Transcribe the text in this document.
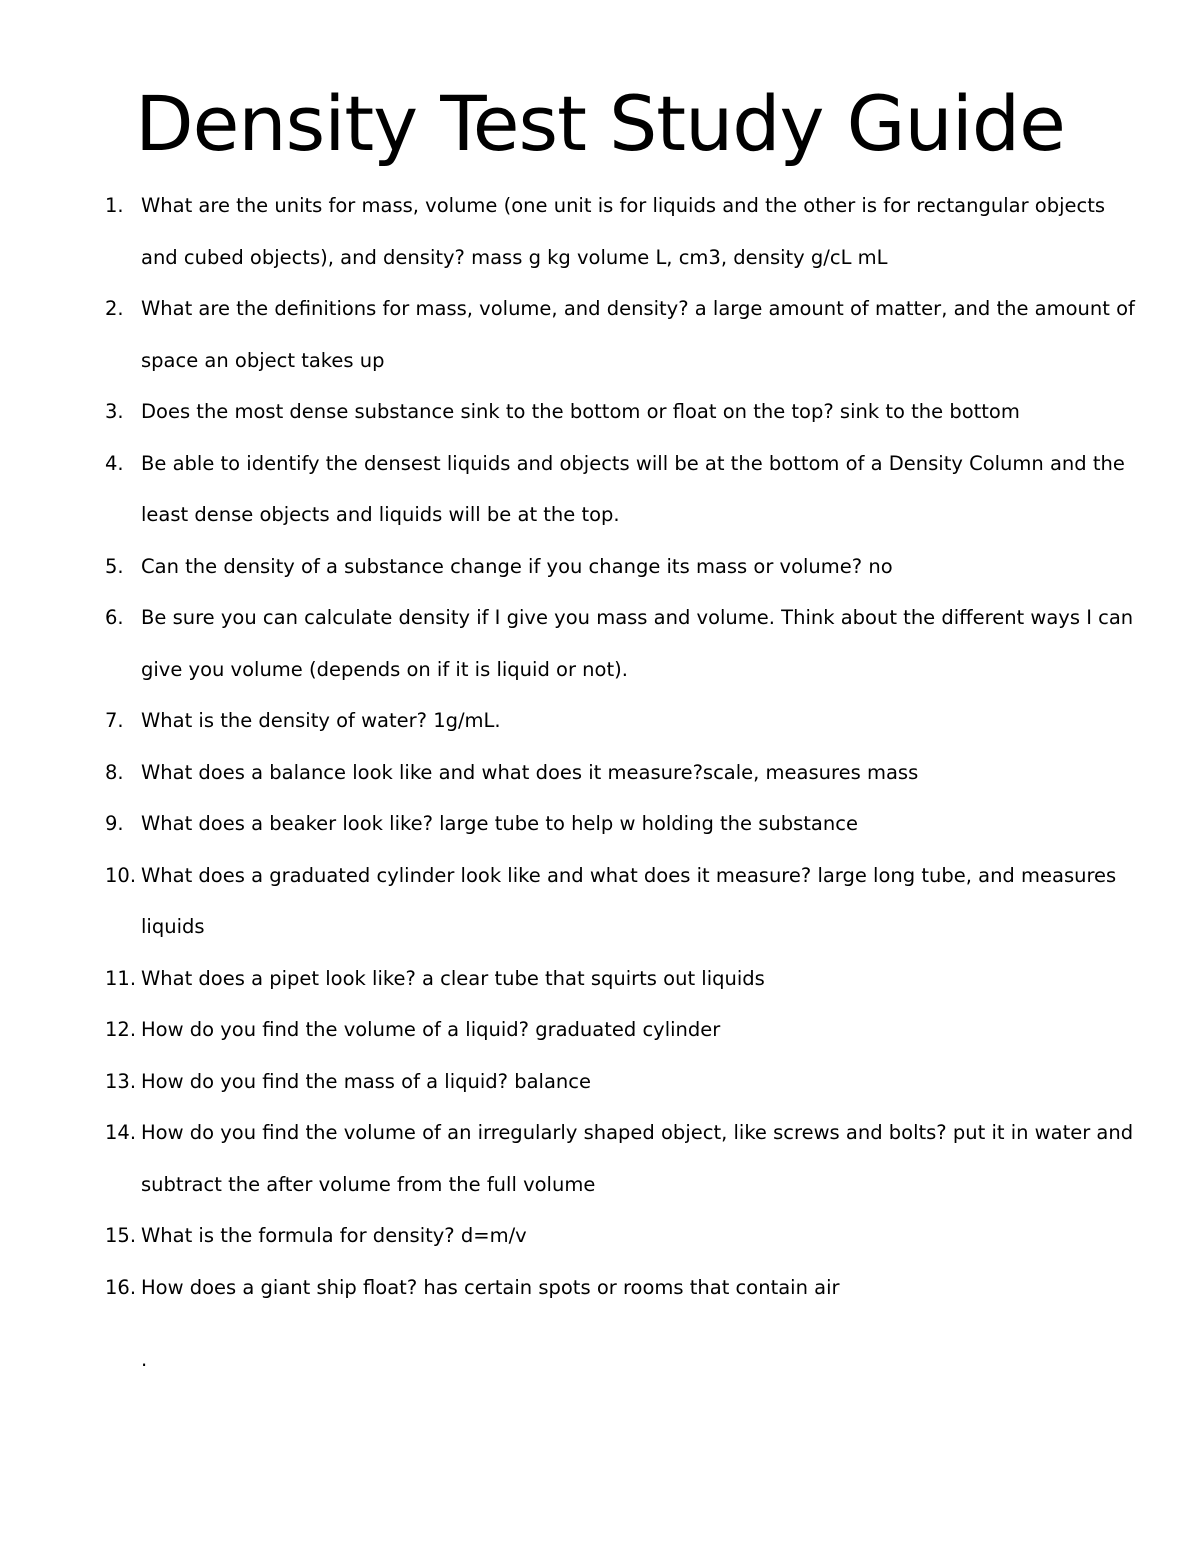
Density Test Study Guide
1. What are the units for mass, volume (one unit is for liquids and the other is for rectangular objects and cubed objects), and density? mass g kg volume L, cm3, density g/cL mL
2. What are the definitions for mass, volume, and density? a large amount of matter, and the amount of space an object takes up
3. Does the most dense substance sink to the bottom or float on the top? sink to the bottom
4. Be able to identify the densest liquids and objects will be at the bottom of a Density Column and the least dense objects and liquids will be at the top.
5. Can the density of a substance change if you change its mass or volume? no
6. Be sure you can calculate density if I give you mass and volume. Think about the different ways I can give you volume (depends on if it is liquid or not).
7. What is the density of water? 1g/mL.
8. What does a balance look like and what does it measure?scale, measures mass
9. What does a beaker look like? large tube to help w holding the substance
10. What does a graduated cylinder look like and what does it measure? large long tube, and measures liquids
11. What does a pipet look like? a clear tube that squirts out liquids
12. How do you find the volume of a liquid? graduated cylinder
13. How do you find the mass of a liquid? balance
14. How do you find the volume of an irregularly shaped object, like screws and bolts? put it in water and subtract the after volume from the full volume
15. What is the formula for density? d=m/v
16. How does a giant ship float? has certain spots or rooms that contain air
.
